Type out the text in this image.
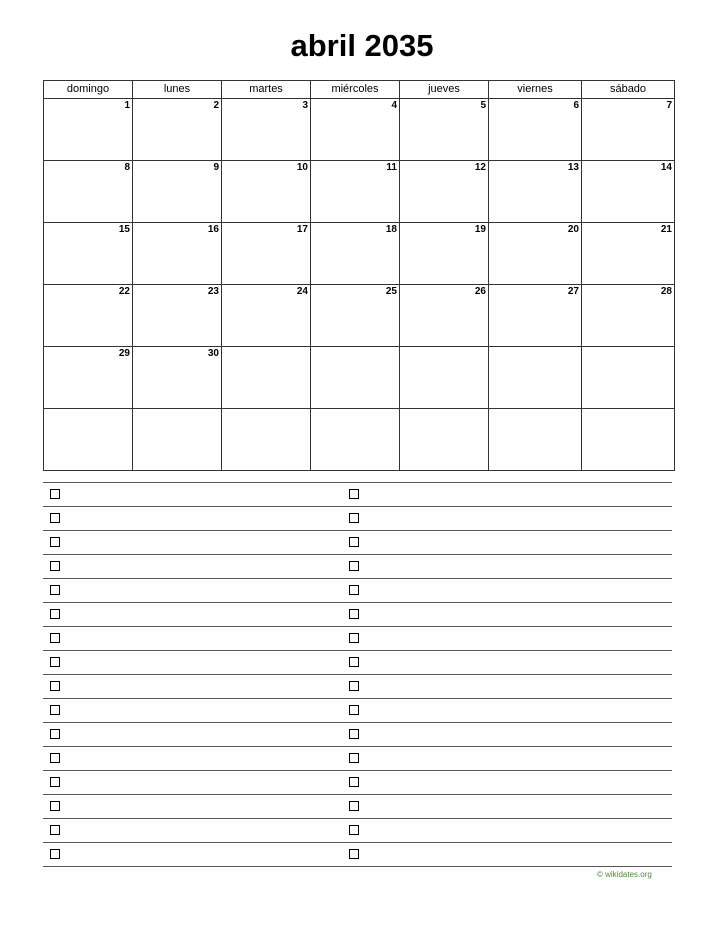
abril 2035
domingo	lunes	martes	miércoles	jueves	viernes	sábado

1	2	3	4	5	6	7

8	9	10	11	12	13	14

15	16	17	18	19	20	21

22	23	24	25	26	27	28

29	30					

© wikidates.org
